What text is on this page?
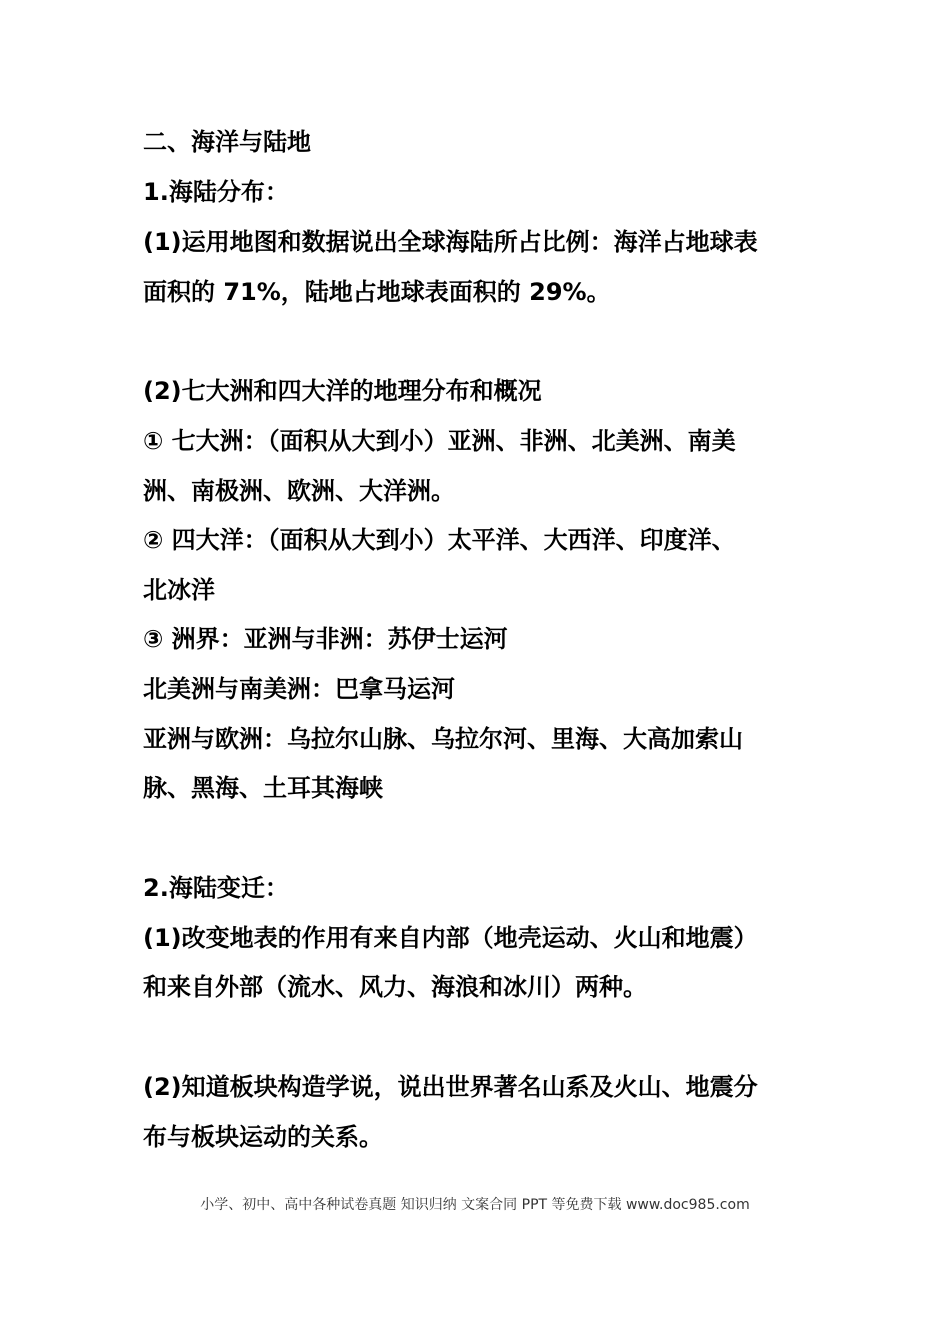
二、海洋与陆地
1.海陆分布：
(1)运用地图和数据说出全球海陆所占比例：海洋占地球表
面积的 71%，陆地占地球表面积的 29%。
(2)七大洲和四大洋的地理分布和概况
① 七大洲：（面积从大到小）亚洲、非洲、北美洲、南美
洲、南极洲、欧洲、大洋洲。
② 四大洋：（面积从大到小）太平洋、大西洋、印度洋、
北冰洋
③ 洲界：亚洲与非洲：苏伊士运河
北美洲与南美洲：巴拿马运河
亚洲与欧洲：乌拉尔山脉、乌拉尔河、里海、大高加索山
脉、黑海、土耳其海峡
2.海陆变迁：
(1)改变地表的作用有来自内部（地壳运动、火山和地震）
和来自外部（流水、风力、海浪和冰川）两种。
(2)知道板块构造学说，说出世界著名山系及火山、地震分
布与板块运动的关系。
小学、初中、高中各种试卷真题 知识归纳 文案合同 PPT 等免费下载 www.doc985.com
